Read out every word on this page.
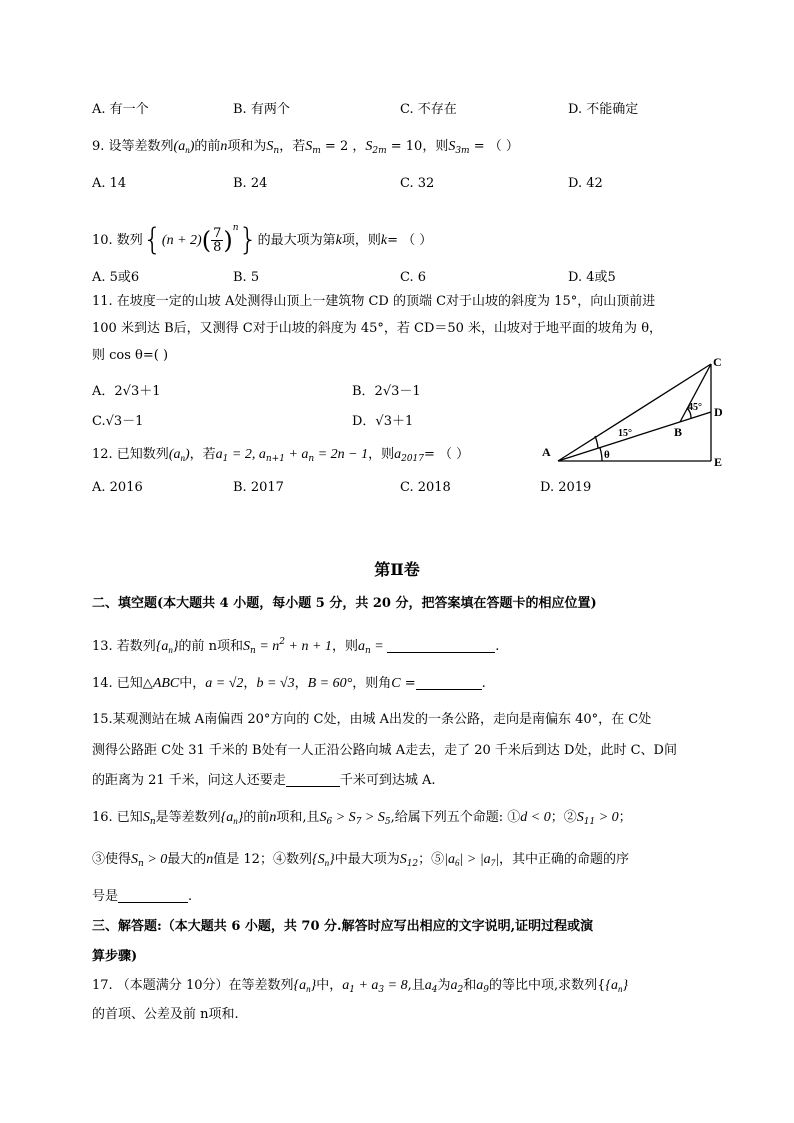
A. 有一个	B. 有两个	C. 不存在	D. 不能确定
9. 设等差数列$(a_n)$的前n项和为$S_n$，若$S_m = 2$ ，$S_{2m} = 10$，则$S_{3m}$ = （ ）
A. 14	B. 24	C. 32	D. 42
10. 数列$\{(n + 2)( \frac{7}{8} )^n\}$的最大项为第k项，则k= （ ）
A. 5或6	B. 5	C. 6	D. 4或5
11. 在坡度一定的山坡 A处测得山顶上一建筑物 CD 的顶端 C对于山坡的斜度为 15°，向山顶前进
100 米到达 B后，又测得 C对于山坡的斜度为 45°，若 CD＝50 米，山坡对于地平面的坡角为 θ，
则 cos θ=( )
A．2√3＋1	B．2√3－1
C.√3－1	D．√3＋1
A
B
C
D
E
15°
45°
θ
12. 已知数列$(a_n)$，若$a_1 = 2$, $a_{n+1} + a_n = 2n - 1$，则$a_{2017}=$ （ ）
A. 2016	B. 2017	C. 2018	D. 2019
第Ⅱ卷
二、填空题(本大题共 4 小题，每小题 5 分，共 20 分，把答案填在答题卡的相应位置)
13. 若数列$\{a_n\}$的前 n项和$S_n = n^2 + n + 1$，则$a_n$ =	.
14. 已知△ABC中，a = √2，b = √3，B = 60°，则角C =	.
15.某观测站在城 A南偏西 20°方向的 C处，由城 A出发的一条公路，走向是南偏东 40°，在 C处
测得公路距 C处 31 千米的 B处有一人正沿公路向城 A走去，走了 20 千米后到达 D处，此时 C、D间
的距离为 21 千米，问这人还要走	千米可到达城 A.
16. 已知$S_n$是等差数列$\{a_n\}$的前n项和,且$S_6 > S_7 > S_5$,给属下列五个命题: ①d < 0；$②S_{11} > 0$；
③使得$S_n > 0$最大的n值是 12；④数列$\{S_n\}$中最大项为$S_{12}$；$⑤|a_6| > |a_7|$，其中正确的命题的序
号是	.
三、解答题:（本大题共 6 小题，共 70 分.解答时应写出相应的文字说明,证明过程或演
算步骤)
17. （本题满分 10分）在等差数列$\{a_n\}$中，$a_1 + a_3 = 8$,且$a_4$为$a_2$和$a_9$的等比中项,求数列{$\{a_n\}$
的首项、公差及前 n项和.
